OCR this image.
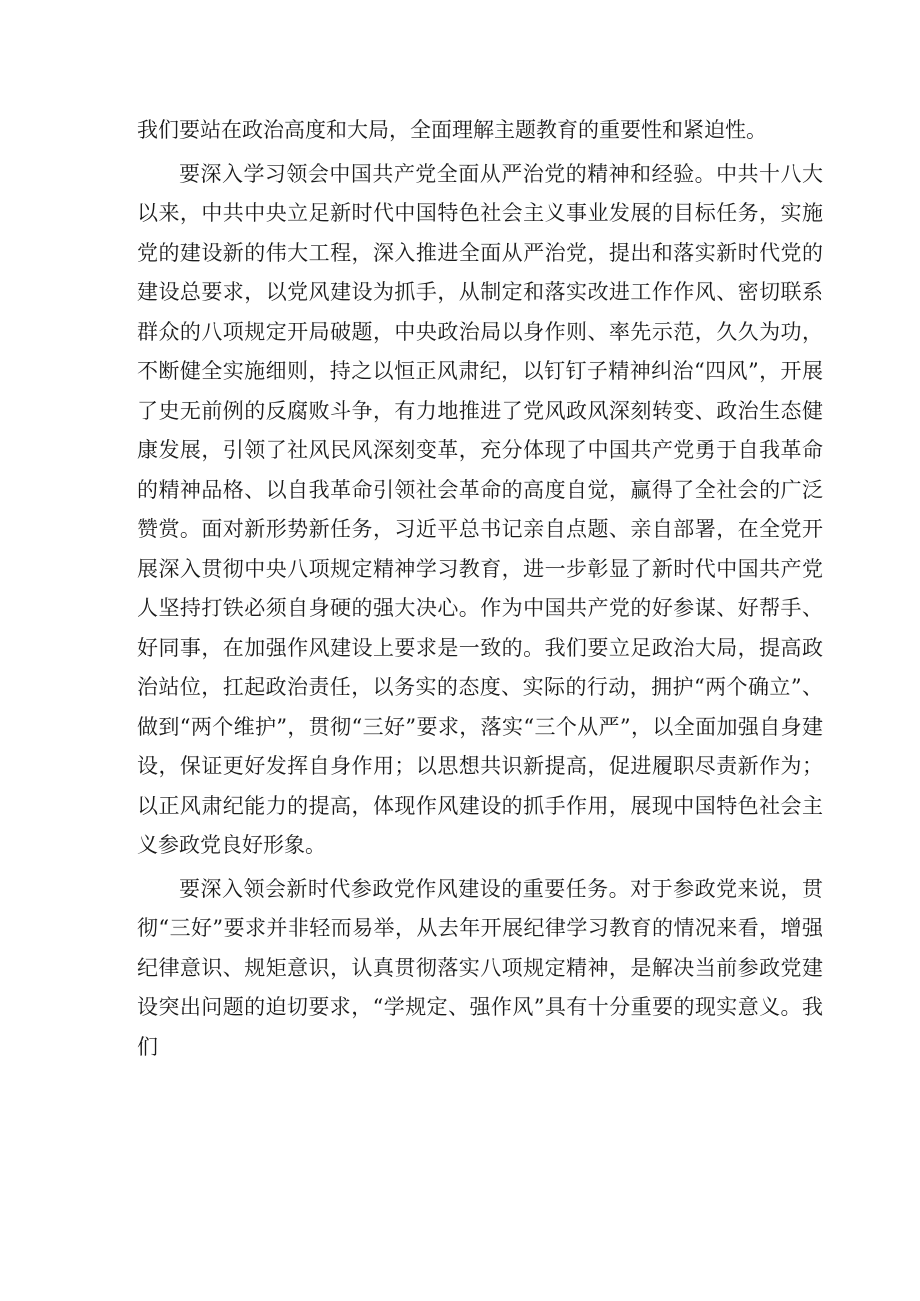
我们要站在政治高度和大局，全面理解主题教育的重要性和紧迫性。

要深入学习领会中国共产党全面从严治党的精神和经验。中共十八大以来，中共中央立足新时代中国特色社会主义事业发展的目标任务，实施党的建设新的伟大工程，深入推进全面从严治党，提出和落实新时代党的建设总要求，以党风建设为抓手，从制定和落实改进工作作风、密切联系群众的八项规定开局破题，中央政治局以身作则、率先示范，久久为功，不断健全实施细则，持之以恒正风肃纪，以钉钉子精神纠治“四风”，开展了史无前例的反腐败斗争，有力地推进了党风政风深刻转变、政治生态健康发展，引领了社风民风深刻变革，充分体现了中国共产党勇于自我革命的精神品格、以自我革命引领社会革命的高度自觉，赢得了全社会的广泛赞赏。面对新形势新任务，习近平总书记亲自点题、亲自部署，在全党开展深入贯彻中央八项规定精神学习教育，进一步彰显了新时代中国共产党人坚持打铁必须自身硬的强大决心。作为中国共产党的好参谋、好帮手、好同事，在加强作风建设上要求是一致的。我们要立足政治大局，提高政治站位，扛起政治责任，以务实的态度、实际的行动，拥护“两个确立”、做到“两个维护”，贯彻“三好”要求，落实“三个从严”，以全面加强自身建设，保证更好发挥自身作用；以思想共识新提高，促进履职尽责新作为；以正风肃纪能力的提高，体现作风建设的抓手作用，展现中国特色社会主义参政党良好形象。

要深入领会新时代参政党作风建设的重要任务。对于参政党来说，贯彻“三好”要求并非轻而易举，从去年开展纪律学习教育的情况来看，增强纪律意识、规矩意识，认真贯彻落实八项规定精神，是解决当前参政党建设突出问题的迫切要求，“学规定、强作风”具有十分重要的现实意义。我们
